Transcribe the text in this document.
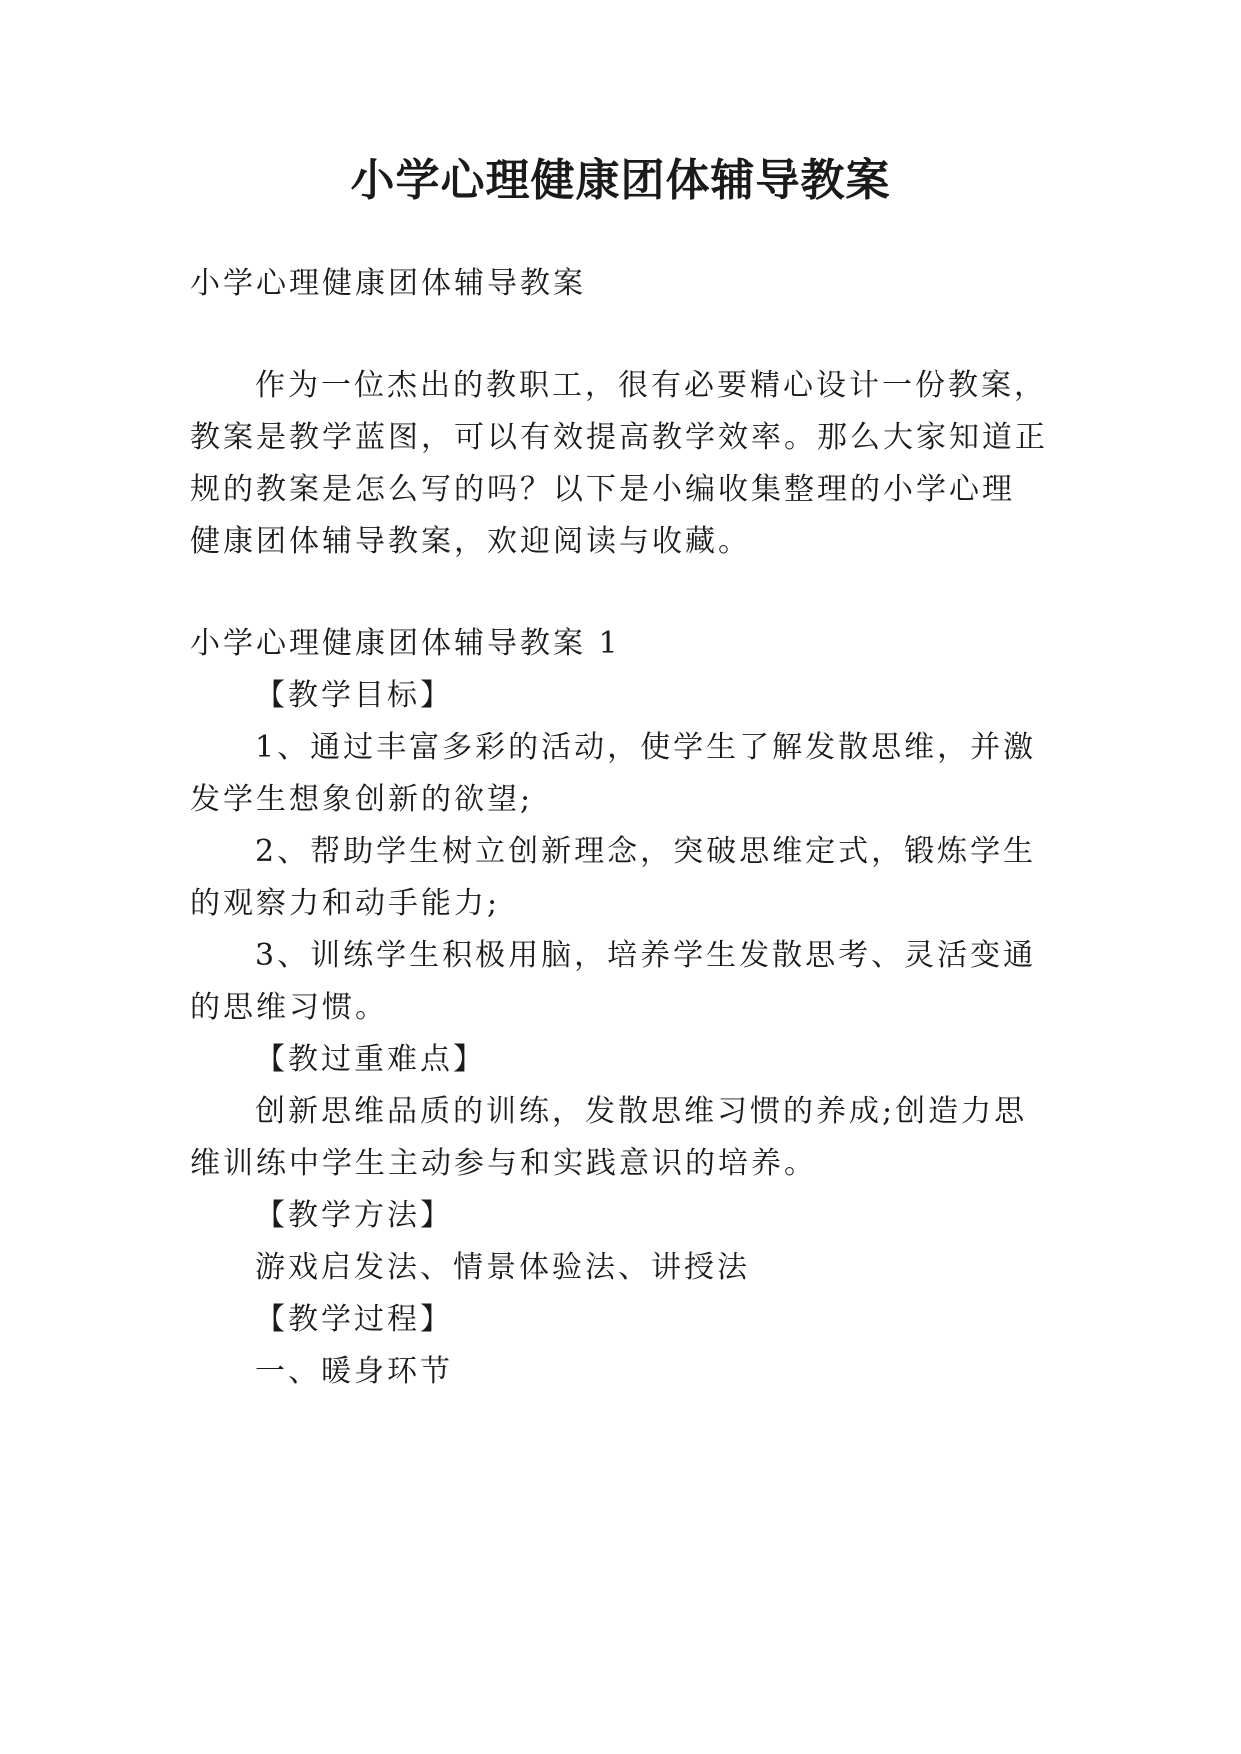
小学心理健康团体辅导教案
小学心理健康团体辅导教案
作为一位杰出的教职工，很有必要精心设计一份教案，
教案是教学蓝图，可以有效提高教学效率。那么大家知道正
规的教案是怎么写的吗？以下是小编收集整理的小学心理
健康团体辅导教案，欢迎阅读与收藏。
小学心理健康团体辅导教案 1
【教学目标】
1、通过丰富多彩的活动，使学生了解发散思维，并激
发学生想象创新的欲望;
2、帮助学生树立创新理念，突破思维定式，锻炼学生
的观察力和动手能力;
3、训练学生积极用脑，培养学生发散思考、灵活变通
的思维习惯。
【教过重难点】
创新思维品质的训练，发散思维习惯的养成;创造力思
维训练中学生主动参与和实践意识的培养。
【教学方法】
游戏启发法、情景体验法、讲授法
【教学过程】
一、暖身环节
